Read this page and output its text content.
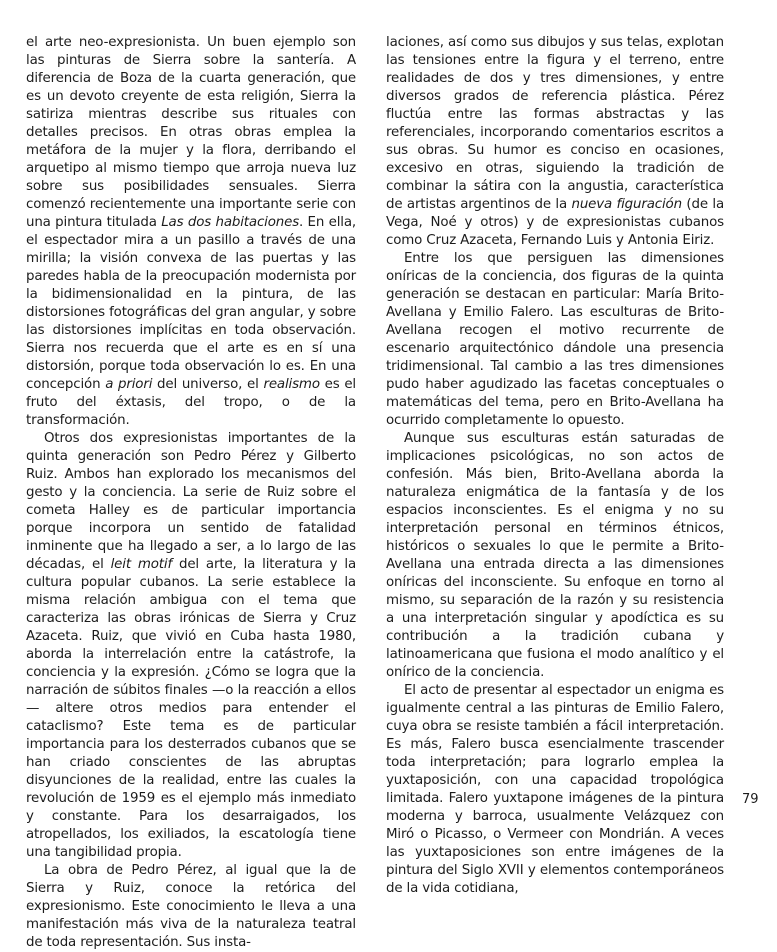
el arte neo-expresionista. Un buen ejemplo son las pinturas de Sierra sobre la santería. A diferencia de Boza de la cuarta generación, que es un devoto creyente de esta religión, Sierra la satiriza mientras describe sus rituales con detalles precisos. En otras obras emplea la metáfora de la mujer y la flora, derribando el arquetipo al mismo tiempo que arroja nueva luz sobre sus posibilidades sensuales. Sierra comenzó recientemente una importante serie con una pintura titulada Las dos habitaciones. En ella, el espectador mira a un pasillo a través de una mirilla; la visión convexa de las puertas y las paredes habla de la preocupación modernista por la bidimensionalidad en la pintura, de las distorsiones fotográficas del gran angular, y sobre las distorsiones implícitas en toda observación. Sierra nos recuerda que el arte es en sí una distorsión, porque toda observación lo es. En una concepción a priori del universo, el realismo es el fruto del éxtasis, del tropo, o de la transformación.

Otros dos expresionistas importantes de la quinta generación son Pedro Pérez y Gilberto Ruiz. Ambos han explorado los mecanismos del gesto y la conciencia. La serie de Ruiz sobre el cometa Halley es de particular importancia porque incorpora un sentido de fatalidad inminente que ha llegado a ser, a lo largo de las décadas, el leit motif del arte, la literatura y la cultura popular cubanos. La serie establece la misma relación ambigua con el tema que caracteriza las obras irónicas de Sierra y Cruz Azaceta. Ruiz, que vivió en Cuba hasta 1980, aborda la interrelación entre la catástrofe, la conciencia y la expresión. ¿Cómo se logra que la narración de súbitos finales —o la reacción a ellos— altere otros medios para entender el cataclismo? Este tema es de particular importancia para los desterrados cubanos que se han criado conscientes de las abruptas disyunciones de la realidad, entre las cuales la revolución de 1959 es el ejemplo más inmediato y constante. Para los desarraigados, los atropellados, los exiliados, la escatología tiene una tangibilidad propia.

La obra de Pedro Pérez, al igual que la de Sierra y Ruiz, conoce la retórica del expresionismo. Este conocimiento le lleva a una manifestación más viva de la naturaleza teatral de toda representación. Sus insta-

laciones, así como sus dibujos y sus telas, explotan las tensiones entre la figura y el terreno, entre realidades de dos y tres dimensiones, y entre diversos grados de referencia plástica. Pérez fluctúa entre las formas abstractas y las referenciales, incorporando comentarios escritos a sus obras. Su humor es conciso en ocasiones, excesivo en otras, siguiendo la tradición de combinar la sátira con la angustia, característica de artistas argentinos de la nueva figuración (de la Vega, Noé y otros) y de expresionistas cubanos como Cruz Azaceta, Fernando Luis y Antonia Eiriz.

Entre los que persiguen las dimensiones oníricas de la conciencia, dos figuras de la quinta generación se destacan en particular: María Brito-Avellana y Emilio Falero. Las esculturas de Brito-Avellana recogen el motivo recurrente de escenario arquitectónico dándole una presencia tridimensional. Tal cambio a las tres dimensiones pudo haber agudizado las facetas conceptuales o matemáticas del tema, pero en Brito-Avellana ha ocurrido completamente lo opuesto.

Aunque sus esculturas están saturadas de implicaciones psicológicas, no son actos de confesión. Más bien, Brito-Avellana aborda la naturaleza enigmática de la fantasía y de los espacios inconscientes. Es el enigma y no su interpretación personal en términos étnicos, históricos o sexuales lo que le permite a Brito-Avellana una entrada directa a las dimensiones oníricas del inconsciente. Su enfoque en torno al mismo, su separación de la razón y su resistencia a una interpretación singular y apodíctica es su contribución a la tradición cubana y latinoamericana que fusiona el modo analítico y el onírico de la conciencia.

El acto de presentar al espectador un enigma es igualmente central a las pinturas de Emilio Falero, cuya obra se resiste también a fácil interpretación. Es más, Falero busca esencialmente trascender toda interpretación; para lograrlo emplea la yuxtaposición, con una capacidad tropológica limitada. Falero yuxtapone imágenes de la pintura moderna y barroca, usualmente Velázquez con Miró o Picasso, o Vermeer con Mondrián. A veces las yuxtaposiciones son entre imágenes de la pintura del Siglo XVII y elementos contemporáneos de la vida cotidiana,

79
